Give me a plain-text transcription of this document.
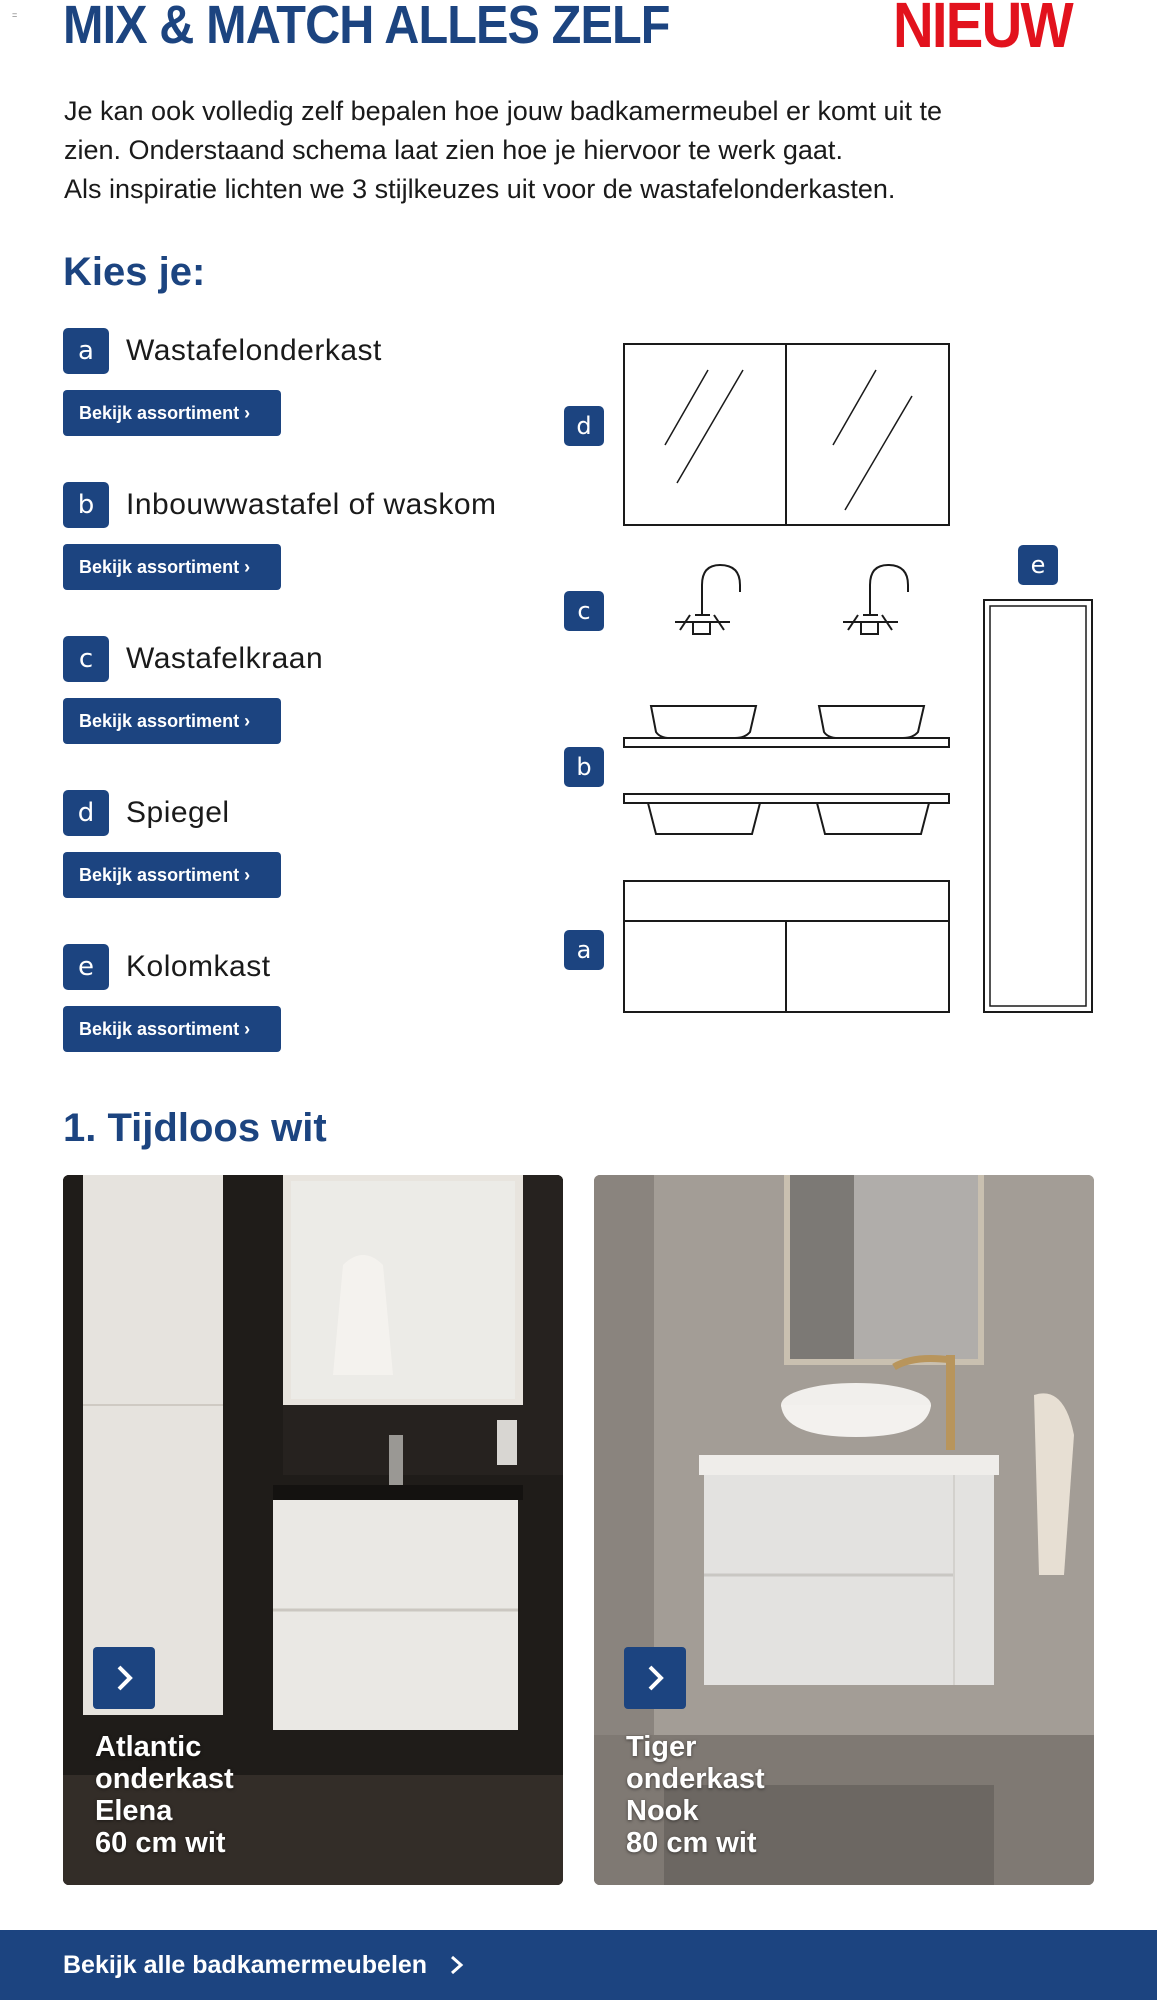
= MIX & MATCH ALLES ZELF	NIEUW
Je kan ook volledig zelf bepalen hoe jouw badkamermeubel er komt uit te
zien. Onderstaand schema laat zien hoe je hiervoor te werk gaat.
Als inspiratie lichten we 3 stijlkeuzes uit voor de wastafelonderkasten.
Kies je:
a	Wastafelonderkast
Bekijk assortiment ›
b	Inbouwwastafel of waskom
Bekijk assortiment ›
c	Wastafelkraan
Bekijk assortiment ›
d	Spiegel
Bekijk assortiment ›
e	Kolomkast
Bekijk assortiment ›
d
c
b
a
e
1. Tijdloos wit
Atlantic
onderkast
Elena
60 cm wit
Tiger
onderkast
Nook
80 cm wit
Bekijk alle badkamermeubelen
